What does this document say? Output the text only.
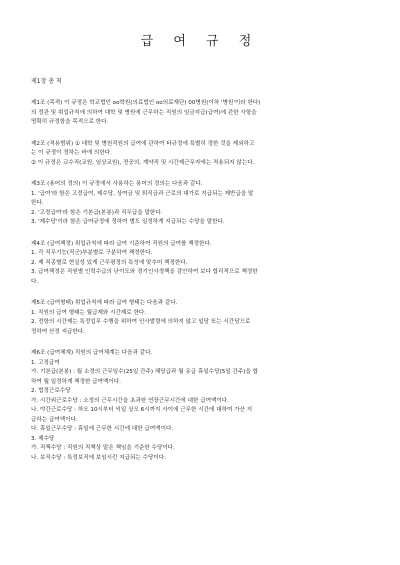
급 여 규 정
제1장 총 칙
제1조 (목적) 이 규정은 학교법인 oo학원(의료법인 oo의료재단) 00병원(이하 '병원'이라 한다)
의 정관 및 취업규칙에 의하여 대학 및 병원에 근무하는 직원의 임금지급(급여)에 관한 사항을
명확히 규정함을 목적으로 한다.
제2조 (적용범위) ① 대학 및 병원직원의 급여에 관하여 타규정에 특별히 정한 것을 제외하고
는 이 규정이 정하는 바에 의한다.
② 이 규정은 교수직(교원, 임상교원), 전공의, 계약직 및 시간제근무자에는 적용되지 않는다.
제3조 (용어의 정의) 이 규정에서 사용하는 용어의 정의는 다음과 같다.
1. '급여'라 함은 고정급여, 제수당, 상여금 및 퇴직금과 근로의 대가로 지급되는 제반급을 말
한다.
2. '고정급여'라 함은 기본급(본봉)과 직무급을 말한다.
3. '제수당'이라 함은 급여규정에 정하여 별도 일정하게 지급되는 수당을 말한다.
제4조 (급여책정) 취업규칙에 따라 급여 기준하여 직원의 급여를 책정한다.
1. 각 직무기능(직군)부분별로 구분하여 책정한다.
2. 제 직종별로 현실성 있게 근무평정의 특성에 맞추어 책정한다.
3. 급여책정은 직원별 인력수급의 난이도와 경기인사정책을 감안하여 보다 합리적으로 책정한
다.
제5조 (급여형태) 취업규칙에 따라 급여 형태는 다음과 같다.
1. 직원의 급여 형태는 월급제와 시간제로 한다.
2. 전항의 시간제는 특정업무 수행을 위하여 인사발령에 의하지 않고 일당 또는 시간당으로
정하여 산정 지급한다.
제6조 (급여체계) 직원의 급여체계는 다음과 같다.
1. 고정급여
가. 기본급(본봉) : 월 소정의 근무일수(25일 간주) 해당급과 월 유급 휴일수당(5일 간주)을 합
하여 월 일정하게 책정한 급여액이다.
2. 법정근로수당
가. 시간외근로수당 : 소정의 근무시간을 초과한 연장근무시간에 대한 급여액이다.
나. 야간근로수당 : 하오 10시부터 익일 상오 6시까지 사이에 근무한 시간에 대하여 가산 지
급하는 급여액이다.
다. 휴일근무수당 : 휴일에 근무한 시간에 대한 급여액이다.
3. 제수당
가. 직책수당 : 직원의 직책상 맡은 책임을 기준한 수당이다.
나. 보직수당 : 특정보직에 보임시킨 지급되는 수당이다.
